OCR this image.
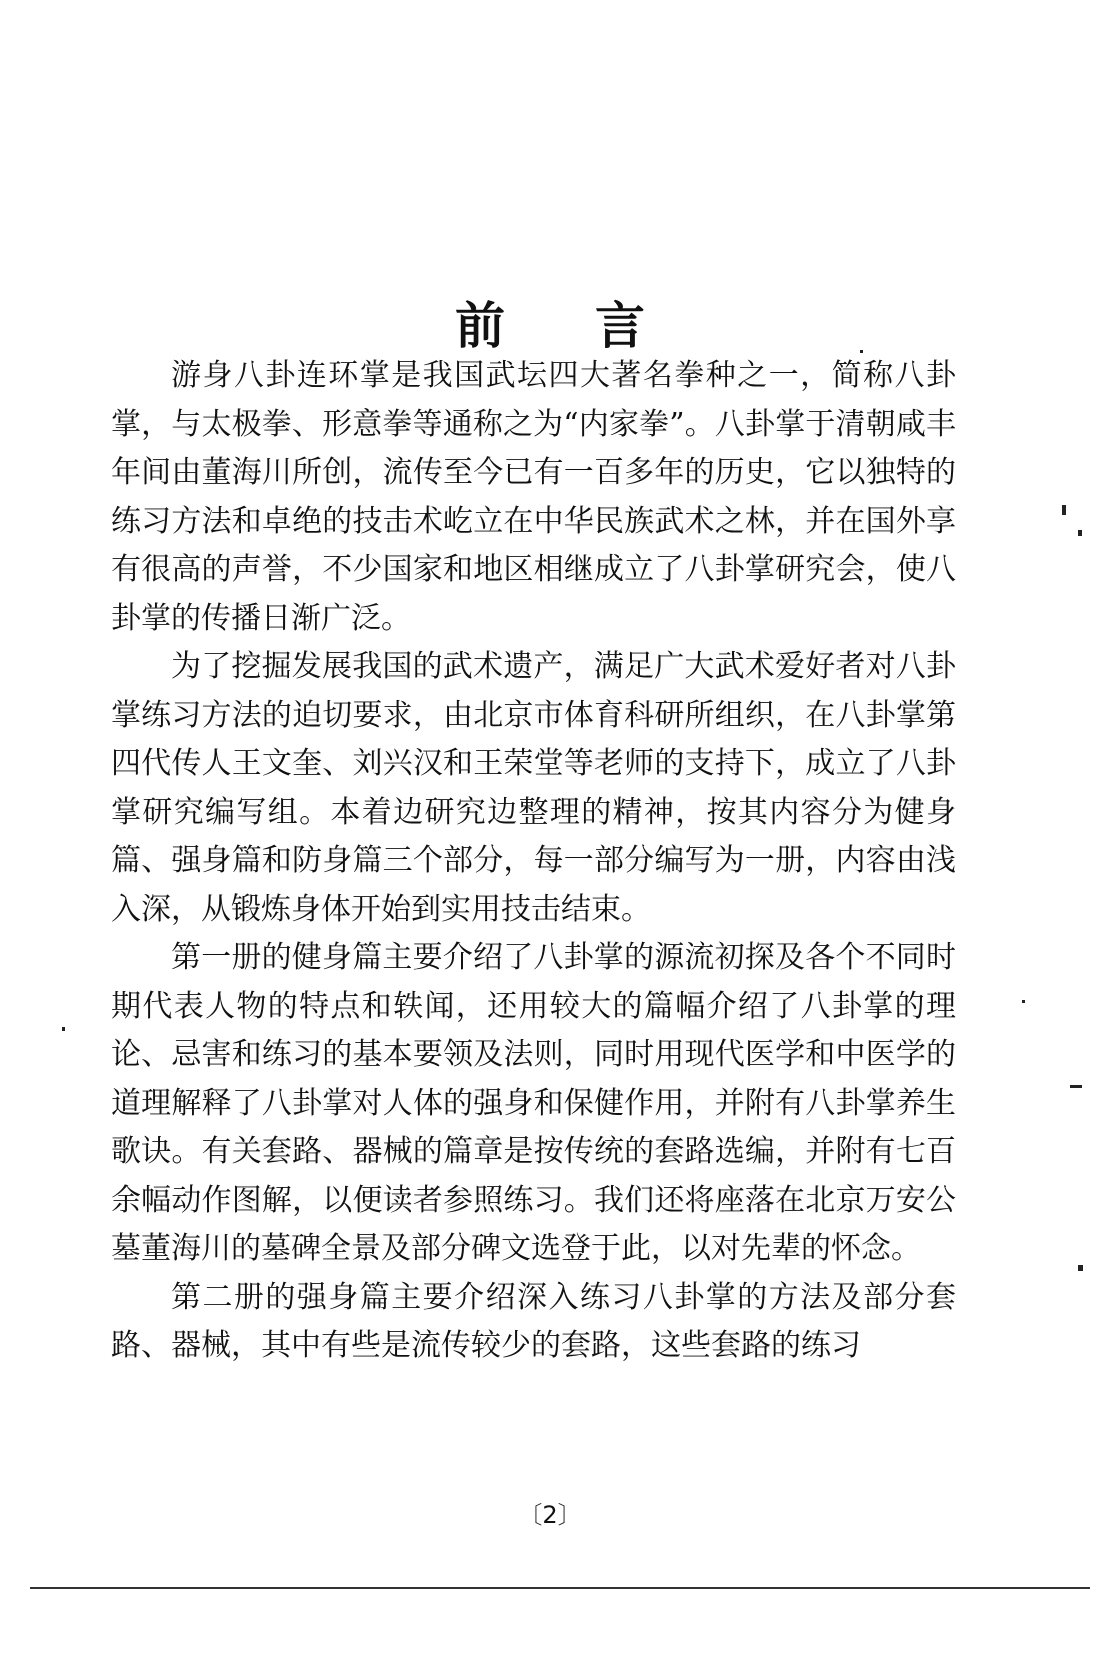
前 言

游身八卦连环掌是我国武坛四大著名拳种之一，简称八卦掌，与太极拳、形意拳等通称之为“内家拳”。八卦掌于清朝咸丰年间由董海川所创，流传至今已有一百多年的历史，它以独特的练习方法和卓绝的技击术屹立在中华民族武术之林，并在国外享有很高的声誉，不少国家和地区相继成立了八卦掌研究会，使八卦掌的传播日渐广泛。

为了挖掘发展我国的武术遗产，满足广大武术爱好者对八卦掌练习方法的迫切要求，由北京市体育科研所组织，在八卦掌第四代传人王文奎、刘兴汉和王荣堂等老师的支持下，成立了八卦掌研究编写组。本着边研究边整理的精神，按其内容分为健身篇、强身篇和防身篇三个部分，每一部分编写为一册，内容由浅入深，从锻炼身体开始到实用技击结束。

第一册的健身篇主要介绍了八卦掌的源流初探及各个不同时期代表人物的特点和轶闻，还用较大的篇幅介绍了八卦掌的理论、忌害和练习的基本要领及法则，同时用现代医学和中医学的道理解释了八卦掌对人体的强身和保健作用，并附有八卦掌养生歌诀。有关套路、器械的篇章是按传统的套路选编，并附有七百余幅动作图解，以便读者参照练习。我们还将座落在北京万安公墓董海川的墓碑全景及部分碑文选登于此，以对先辈的怀念。

第二册的强身篇主要介绍深入练习八卦掌的方法及部分套路、器械，其中有些是流传较少的套路，这些套路的练习

〔2〕
